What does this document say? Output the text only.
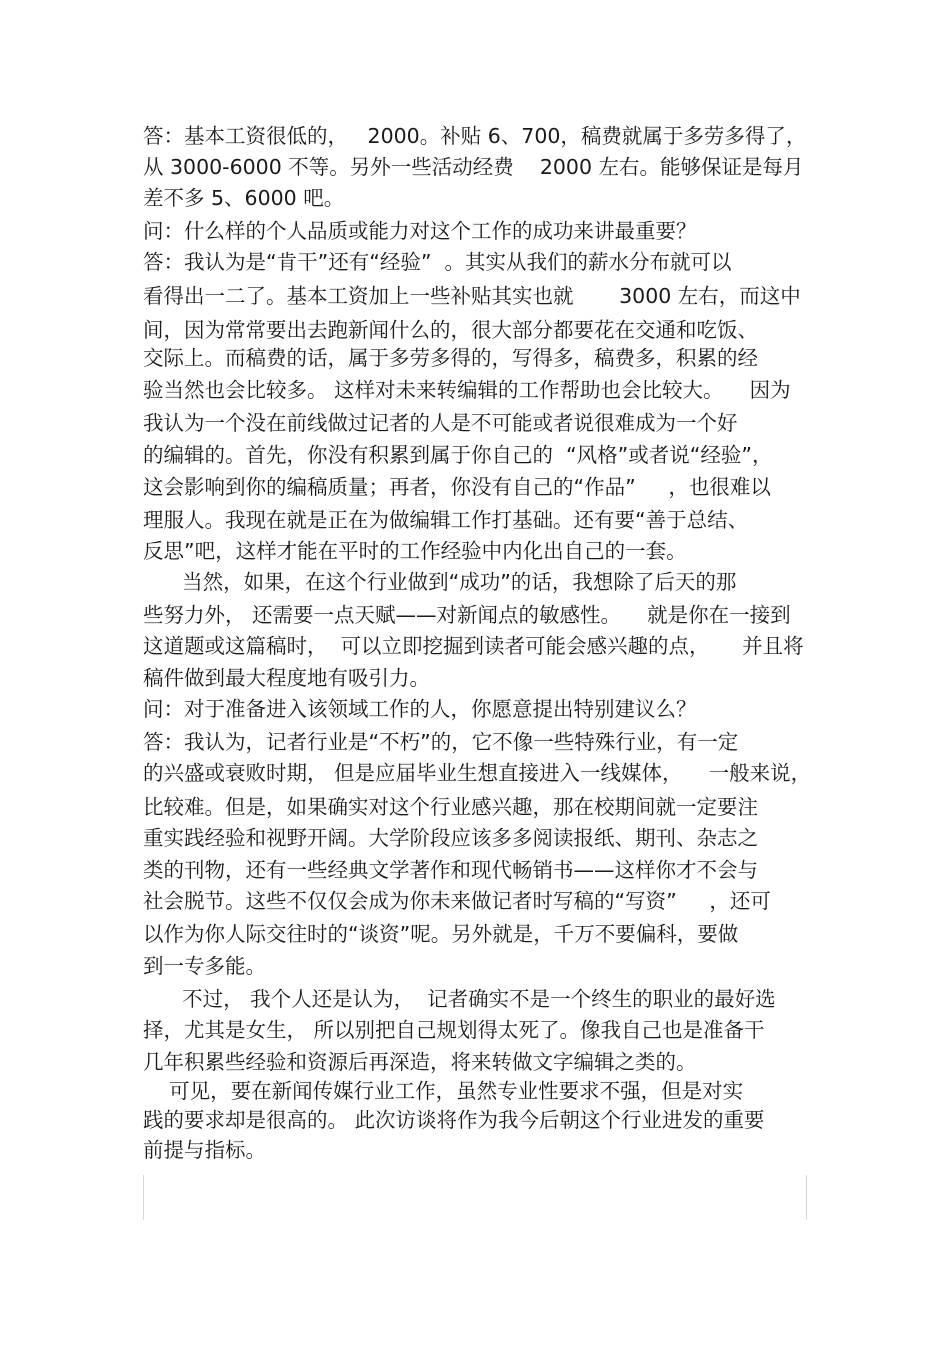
答：基本工资很低的，   2000。补贴 6、700，稿费就属于多劳多得了，
从 3000-6000 不等。另外一些活动经费    2000 左右。能够保证是每月
差不多 5、6000 吧。
问：什么样的个人品质或能力对这个工作的成功来讲最重要？
答：我认为是“肯干”还有“经验”  。其实从我们的薪水分布就可以
看得出一二了。基本工资加上一些补贴其实也就       3000 左右，而这中
间，因为常常要出去跑新闻什么的，很大部分都要花在交通和吃饭、
交际上。而稿费的话，属于多劳多得的，写得多，稿费多，积累的经
验当然也会比较多。 这样对未来转编辑的工作帮助也会比较大。    因为
我认为一个没在前线做过记者的人是不可能或者说很难成为一个好
的编辑的。首先，你没有积累到属于你自己的  “风格”或者说“经验”，
这会影响到你的编稿质量；再者，你没有自己的“作品”     ，也很难以
理服人。我现在就是正在为做编辑工作打基础。还有要“善于总结、
反思”吧，这样才能在平时的工作经验中内化出自己的一套。
当然，如果，在这个行业做到“成功”的话，我想除了后天的那
些努力外， 还需要一点天赋——对新闻点的敏感性。    就是你在一接到
这道题或这篇稿时，  可以立即挖掘到读者可能会感兴趣的点，     并且将
稿件做到最大程度地有吸引力。
问：对于准备进入该领域工作的人，你愿意提出特别建议么？
答：我认为，记者行业是“不朽”的，它不像一些特殊行业，有一定
的兴盛或衰败时期， 但是应届毕业生想直接进入一线媒体，    一般来说，
比较难。但是，如果确实对这个行业感兴趣，那在校期间就一定要注
重实践经验和视野开阔。大学阶段应该多多阅读报纸、期刊、杂志之
类的刊物，还有一些经典文学著作和现代畅销书——这样你才不会与
社会脱节。这些不仅仅会成为你未来做记者时写稿的“写资”     ，还可
以作为你人际交往时的“谈资”呢。另外就是，千万不要偏科，要做
到一专多能。
不过， 我个人还是认为，  记者确实不是一个终生的职业的最好选
择，尤其是女生， 所以别把自己规划得太死了。像我自己也是准备干
几年积累些经验和资源后再深造，将来转做文字编辑之类的。
可见，要在新闻传媒行业工作，虽然专业性要求不强，但是对实
践的要求却是很高的。 此次访谈将作为我今后朝这个行业进发的重要
前提与指标。
